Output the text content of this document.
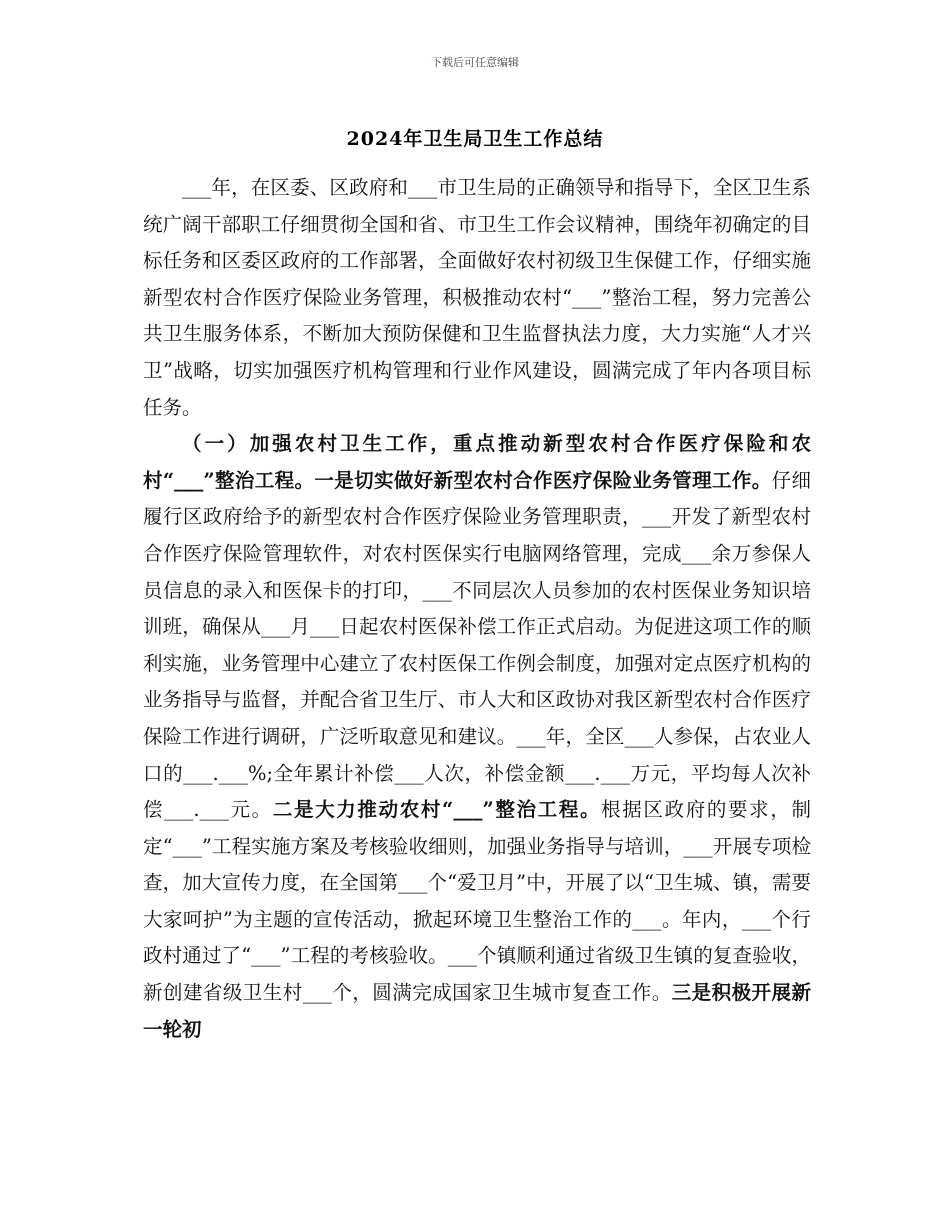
下载后可任意编辑
2024年卫生局卫生工作总结

___年，在区委、区政府和___市卫生局的正确领导和指导下，全区卫生系统广阔干部职工仔细贯彻全国和省、市卫生工作会议精神，围绕年初确定的目标任务和区委区政府的工作部署，全面做好农村初级卫生保健工作，仔细实施新型农村合作医疗保险业务管理，积极推动农村“___”整治工程，努力完善公共卫生服务体系，不断加大预防保健和卫生监督执法力度，大力实施“人才兴卫”战略，切实加强医疗机构管理和行业作风建设，圆满完成了年内各项目标任务。

（一）加强农村卫生工作，重点推动新型农村合作医疗保险和农村“___”整治工程。一是切实做好新型农村合作医疗保险业务管理工作。仔细履行区政府给予的新型农村合作医疗保险业务管理职责，___开发了新型农村合作医疗保险管理软件，对农村医保实行电脑网络管理，完成___余万参保人员信息的录入和医保卡的打印，___不同层次人员参加的农村医保业务知识培训班，确保从___月___日起农村医保补偿工作正式启动。为促进这项工作的顺利实施，业务管理中心建立了农村医保工作例会制度，加强对定点医疗机构的业务指导与监督，并配合省卫生厅、市人大和区政协对我区新型农村合作医疗保险工作进行调研，广泛听取意见和建议。___年，全区___人参保，占农业人口的___.___%;全年累计补偿___人次，补偿金额___.___万元，平均每人次补偿___.___元。二是大力推动农村“___”整治工程。根据区政府的要求，制定“___”工程实施方案及考核验收细则，加强业务指导与培训，___开展专项检查，加大宣传力度，在全国第___个“爱卫月”中，开展了以“卫生城、镇，需要大家呵护”为主题的宣传活动，掀起环境卫生整治工作的___。年内，___个行政村通过了“___”工程的考核验收。___个镇顺利通过省级卫生镇的复查验收，新创建省级卫生村___个，圆满完成国家卫生城市复查工作。三是积极开展新一轮初
